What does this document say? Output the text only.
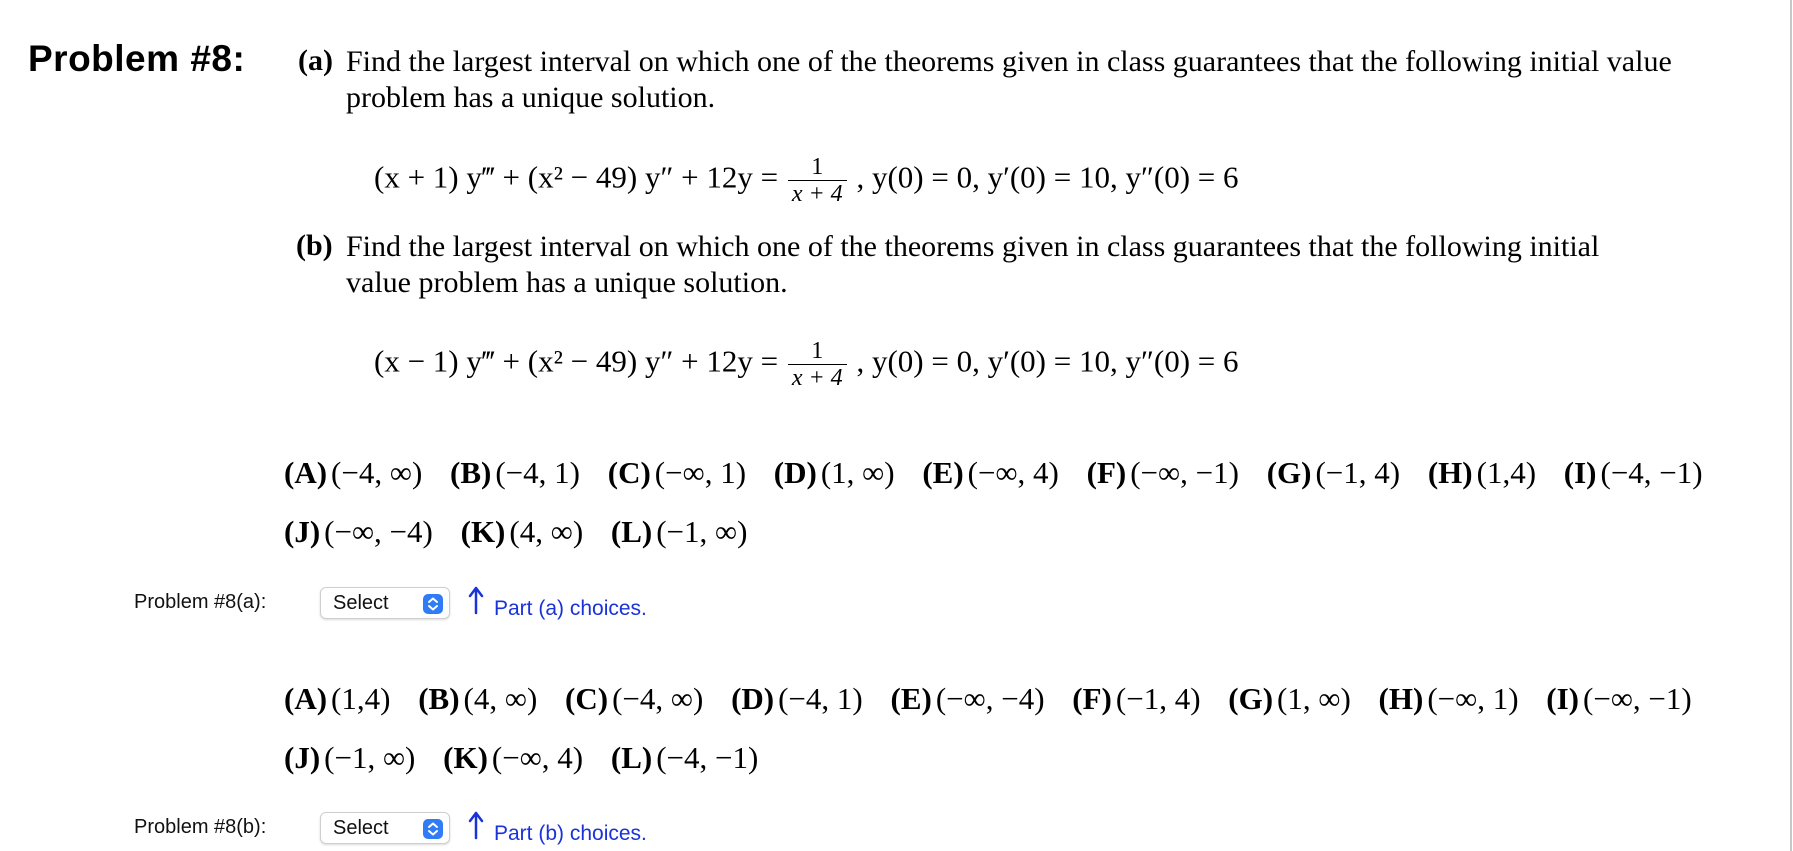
Problem #8: (a) Find the largest interval on which one of the theorems given in class guarantees that the following initial value
problem has a unique solution.
(x + 1) y‴ + (x² − 49) $y'' + 12y = \frac{1}{x + 4}$ , y(0) = 0, y′(0) = 10, y″(0) = 6
(b) Find the largest interval on which one of the theorems given in class guarantees that the following initial
value problem has a unique solution.
(x − 1) y‴ + (x² − 49) $y'' + 12y = \frac{1}{x + 4}$ , y(0) = 0, y′(0) = 10, y″(0) = 6
(A) (−4, ∞) (B) (−4, 1) (C) (−∞, 1) (D) (1, ∞) (E) (−∞, 4) (F) (−∞, −1) (G) (−1, 4) (H) (1,4) (I) (−4, −1)
(J) (−∞, −4) (K) (4, ∞) (L) (−1, ∞)
Problem #8(a):	Select	Part (a) choices.
(A) (1,4) (B) (4, ∞) (C) (−4, ∞) (D) (−4, 1) (E) (−∞, −4) (F) (−1, 4) (G) (1, ∞) (H) (−∞, 1) (I) (−∞, −1)
(J) (−1, ∞) (K) (−∞, 4) (L) (−4, −1)
Problem #8(b):	Select	Part (b) choices.
